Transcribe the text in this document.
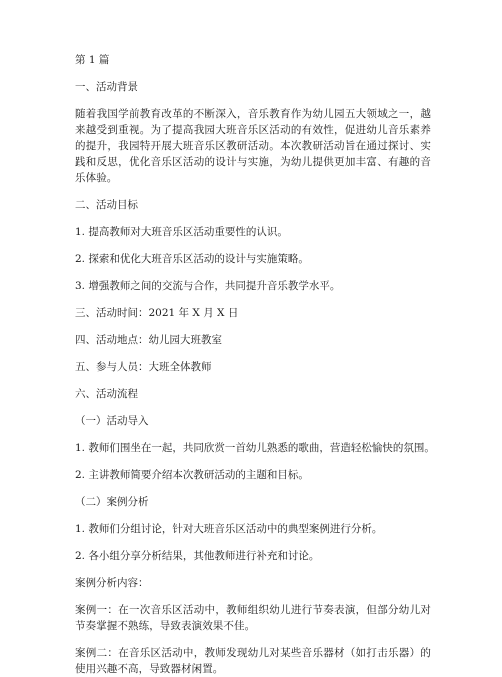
第 1 篇

一、活动背景

随着我国学前教育改革的不断深入，音乐教育作为幼儿园五大领域之一，越来越受到重视。为了提高我园大班音乐区活动的有效性，促进幼儿音乐素养的提升，我园特开展大班音乐区教研活动。本次教研活动旨在通过探讨、实践和反思，优化音乐区活动的设计与实施，为幼儿提供更加丰富、有趣的音乐体验。

二、活动目标

1. 提高教师对大班音乐区活动重要性的认识。

2. 探索和优化大班音乐区活动的设计与实施策略。

3. 增强教师之间的交流与合作，共同提升音乐教学水平。

三、活动时间：2021 年 X 月 X 日

四、活动地点：幼儿园大班教室

五、参与人员：大班全体教师

六、活动流程

（一）活动导入

1. 教师们围坐在一起，共同欣赏一首幼儿熟悉的歌曲，营造轻松愉快的氛围。

2. 主讲教师简要介绍本次教研活动的主题和目标。

（二）案例分析

1. 教师们分组讨论，针对大班音乐区活动中的典型案例进行分析。

2. 各小组分享分析结果，其他教师进行补充和讨论。

案例分析内容：

案例一：在一次音乐区活动中，教师组织幼儿进行节奏表演，但部分幼儿对节奏掌握不熟练，导致表演效果不佳。

案例二：在音乐区活动中，教师发现幼儿对某些音乐器材（如打击乐器）的使用兴趣不高，导致器材闲置。
